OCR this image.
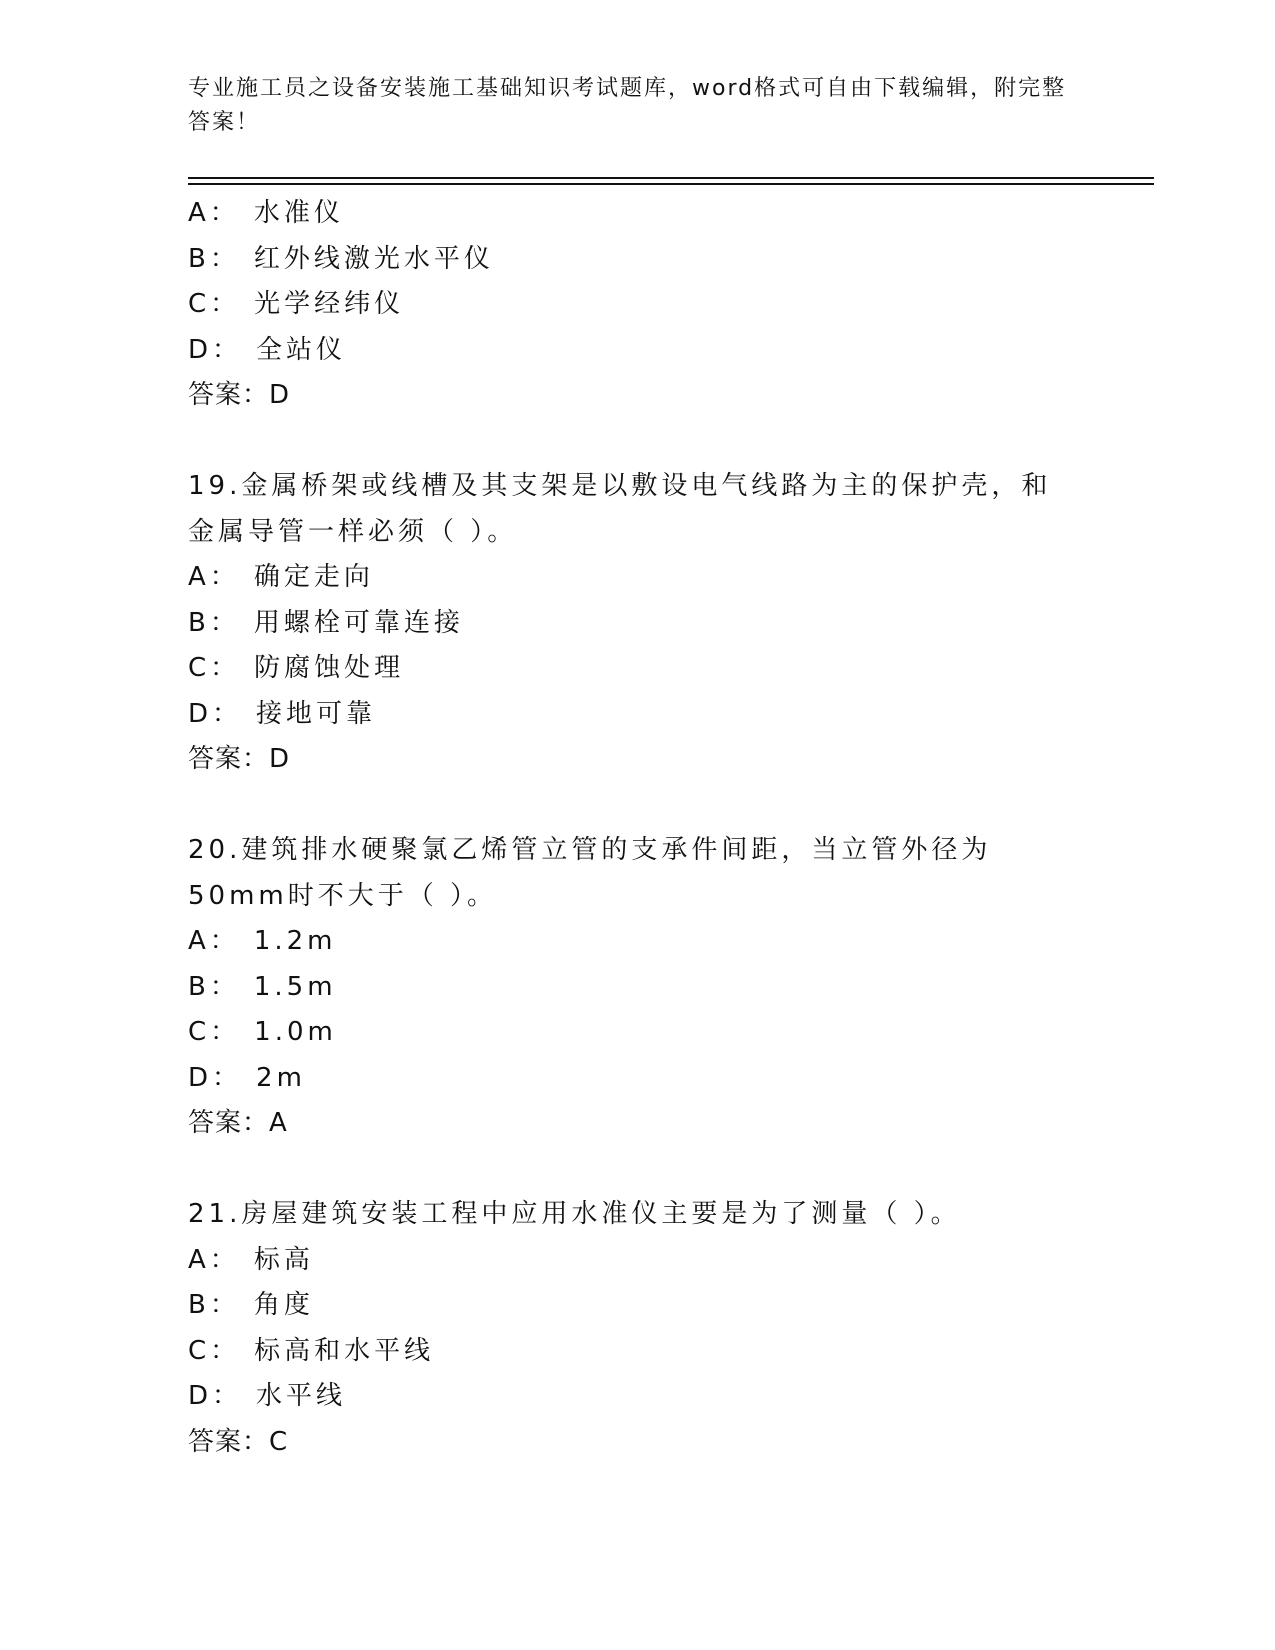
专业施工员之设备安装施工基础知识考试题库，word格式可自由下载编辑，附完整答案！
A： 水准仪
B： 红外线激光水平仪
C： 光学经纬仪
D： 全站仪
答案：D
19.金属桥架或线槽及其支架是以敷设电气线路为主的保护壳，和金属导管一样必须（ ）。
A： 确定走向
B： 用螺栓可靠连接
C： 防腐蚀处理
D： 接地可靠
答案：D
20.建筑排水硬聚氯乙烯管立管的支承件间距，当立管外径为50mm时不大于（ ）。
A： 1.2m
B： 1.5m
C： 1.0m
D： 2m
答案：A
21.房屋建筑安装工程中应用水准仪主要是为了测量（ ）。
A： 标高
B： 角度
C： 标高和水平线
D： 水平线
答案：C
